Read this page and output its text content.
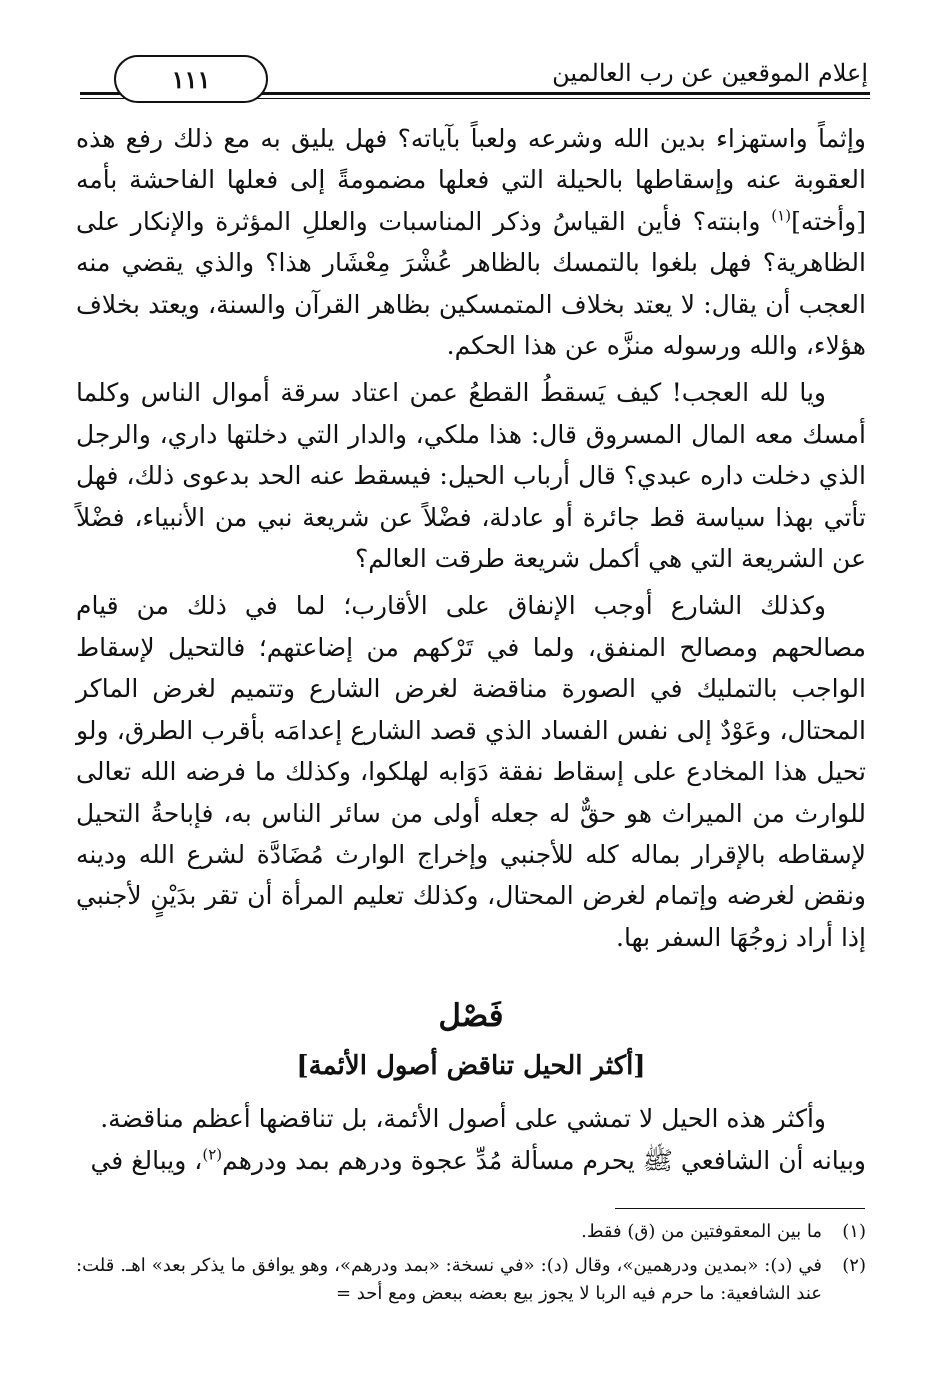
١١١	إعلام الموقعين عن رب العالمين

وإثماً واستهزاء بدين الله وشرعه ولعباً بآياته؟ فهل يليق به مع ذلك رفع هذه العقوبة عنه وإسقاطها بالحيلة التي فعلها مضمومةً إلى فعلها الفاحشة بأمه [وأخته]$^{(١)}$ وابنته؟ فأين القياسُ وذكر المناسبات والعللِ المؤثرة والإنكار على الظاهرية؟ فهل بلغوا بالتمسك بالظاهر عُشْرَ مِعْشَار هذا؟ والذي يقضي منه العجب أن يقال: لا يعتد بخلاف المتمسكين بظاهر القرآن والسنة، ويعتد بخلاف هؤلاء، والله ورسوله منزَّه عن هذا الحكم.

ويا لله العجب! كيف يَسقطُ القطعُ عمن اعتاد سرقة أموال الناس وكلما أمسك معه المال المسروق قال: هذا ملكي، والدار التي دخلتها داري، والرجل الذي دخلت داره عبدي؟ قال أرباب الحيل: فيسقط عنه الحد بدعوى ذلك، فهل تأتي بهذا سياسة قط جائرة أو عادلة، فضْلاً عن شريعة نبي من الأنبياء، فضْلاً عن الشريعة التي هي أكمل شريعة طرقت العالم؟

وكذلك الشارع أوجب الإنفاق على الأقارب؛ لما في ذلك من قيام مصالحهم ومصالح المنفق، ولما في تَرْكهم من إضاعتهم؛ فالتحيل لإسقاط الواجب بالتمليك في الصورة مناقضة لغرض الشارع وتتميم لغرض الماكر المحتال، وعَوْدٌ إلى نفس الفساد الذي قصد الشارع إعدامَه بأقرب الطرق، ولو تحيل هذا المخادع على إسقاط نفقة دَوَابه لهلكوا، وكذلك ما فرضه الله تعالى للوارث من الميراث هو حقٌّ له جعله أولى من سائر الناس به، فإباحةُ التحيل لإسقاطه بالإقرار بماله كله للأجنبي وإخراج الوارث مُضَادَّة لشرع الله ودينه ونقض لغرضه وإتمام لغرض المحتال، وكذلك تعليم المرأة أن تقر بدَيْنٍ لأجنبي إذا أراد زوجُهَا السفر بها.

فَصْل
[أكثر الحيل تناقض أصول الأئمة]

وأكثر هذه الحيل لا تمشي على أصول الأئمة، بل تناقضها أعظم مناقضة.

وبيانه أن الشافعي ﷺ يحرم مسألة مُدِّ عجوة ودرهم بمد ودرهم$^{(٢)}$، ويبالغ في

(١)
ما بين المعقوفتين من (ق) فقط.
(٢)
في (د): «بمدين ودرهمين»، وقال (د): «في نسخة: «بمد ودرهم»، وهو يوافق ما يذكر بعد» اهـ. قلت: عند الشافعية: ما حرم فيه الربا لا يجوز بيع بعضه ببعض ومع أحد =
